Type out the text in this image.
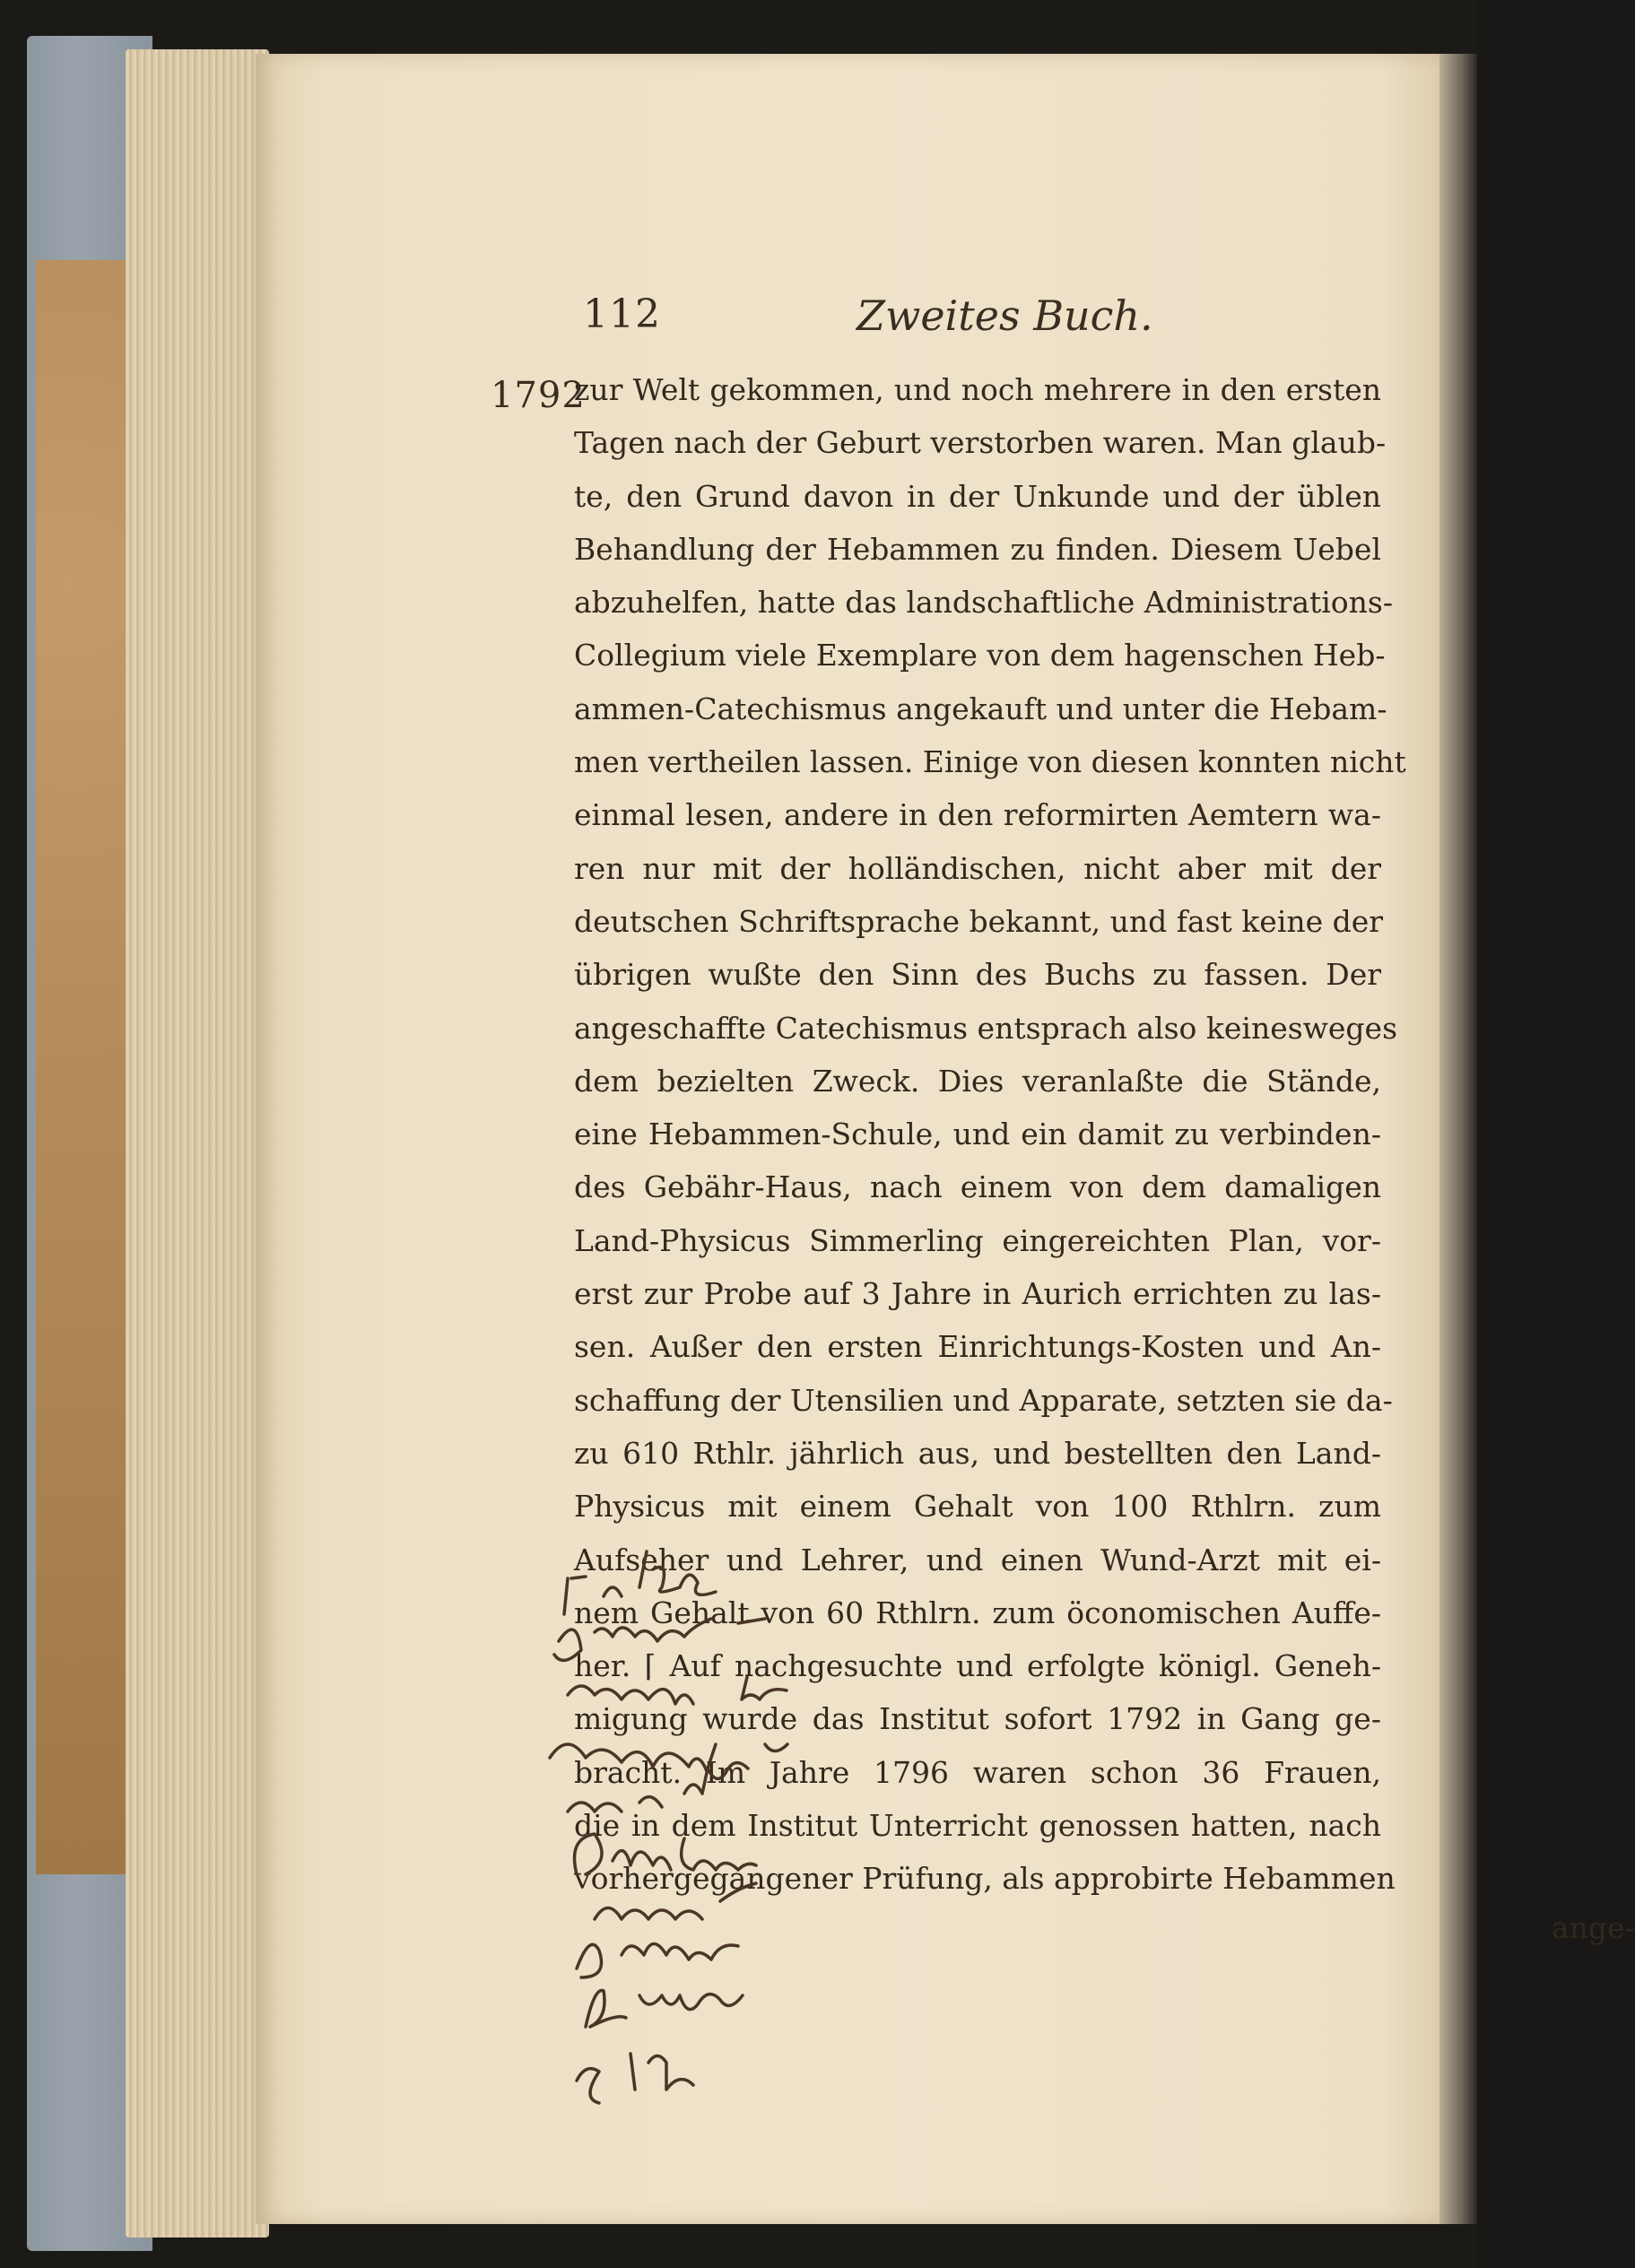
112	Zweites Buch.
1792
zur Welt gekommen, und noch mehrere in den ersten
Tagen nach der Geburt verstorben waren. Man glaub-
te, den Grund davon in der Unkunde und der üblen
Behandlung der Hebammen zu finden. Diesem Uebel
abzuhelfen, hatte das landschaftliche Administrations-
Collegium viele Exemplare von dem hagenschen Heb-
ammen-Catechismus angekauft und unter die Hebam-
men vertheilen lassen. Einige von diesen konnten nicht
einmal lesen, andere in den reformirten Aemtern wa-
ren nur mit der holländischen, nicht aber mit der
deutschen Schriftsprache bekannt, und fast keine der
übrigen wußte den Sinn des Buchs zu fassen. Der
angeschaffte Catechismus entsprach also keinesweges
dem bezielten Zweck. Dies veranlaßte die Stände,
eine Hebammen-Schule, und ein damit zu verbinden-
des Gebähr-Haus, nach einem von dem damaligen
Land-Physicus Simmerling eingereichten Plan, vor-
erst zur Probe auf 3 Jahre in Aurich errichten zu las-
sen. Außer den ersten Einrichtungs-Kosten und An-
schaffung der Utensilien und Apparate, setzten sie da-
zu 610 Rthlr. jährlich aus, und bestellten den Land-
Physicus mit einem Gehalt von 100 Rthlrn. zum
Aufseher und Lehrer, und einen Wund-Arzt mit ei-
nem Gehalt von 60 Rthlrn. zum öconomischen Auffe-
her. ⌈ Auf nachgesuchte und erfolgte königl. Geneh-
migung wurde das Institut sofort 1792 in Gang ge-
bracht. Im Jahre 1796 waren schon 36 Frauen,
die in dem Institut Unterricht genossen hatten, nach
vorhergegangener Prüfung, als approbirte Hebammen
ange-
